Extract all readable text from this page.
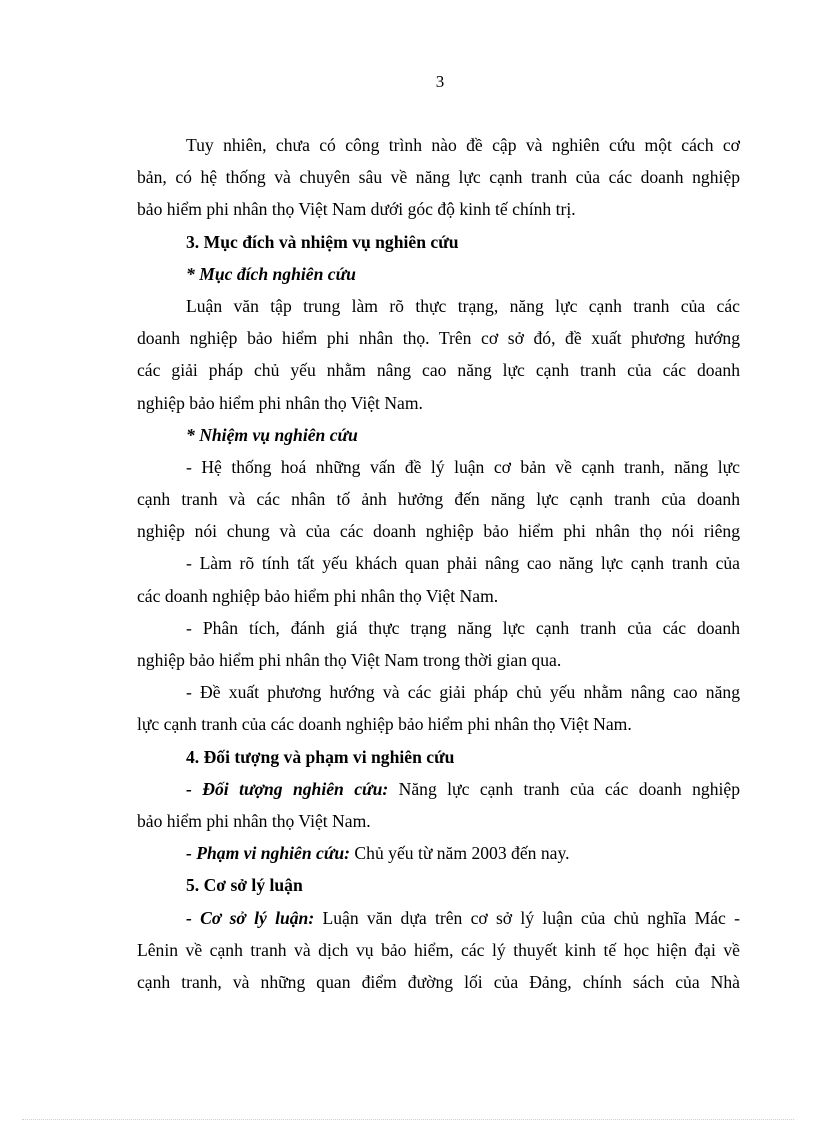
3
Tuy nhiên, chưa có công trình nào đề cập và nghiên cứu một cách cơ
bản, có hệ thống và chuyên sâu về năng lực cạnh tranh của các doanh nghiệp
bảo hiểm phi nhân thọ Việt Nam dưới góc độ kinh tế chính trị.
3. Mục đích và nhiệm vụ nghiên cứu
* Mục đích nghiên cứu
Luận văn tập trung làm rõ thực trạng, năng lực cạnh tranh của các
doanh nghiệp bảo hiểm phi nhân thọ. Trên cơ sở đó, đề xuất phương hướng
các giải pháp chủ yếu nhằm nâng cao năng lực cạnh tranh của các doanh
nghiệp bảo hiểm phi nhân thọ Việt Nam.
* Nhiệm vụ nghiên cứu
- Hệ thống hoá những vấn đề lý luận cơ bản về cạnh tranh, năng lực
cạnh tranh và các nhân tố ảnh hưởng đến năng lực cạnh tranh của doanh
nghiệp nói chung và của các doanh nghiệp bảo hiểm phi nhân thọ nói riêng
- Làm rõ tính tất yếu khách quan phải nâng cao năng lực cạnh tranh của
các doanh nghiệp bảo hiểm phi nhân thọ Việt Nam.
- Phân tích, đánh giá thực trạng năng lực cạnh tranh của các doanh
nghiệp bảo hiểm phi nhân thọ Việt Nam trong thời gian qua.
- Đề xuất phương hướng và các giải pháp chủ yếu nhằm nâng cao năng
lực cạnh tranh của các doanh nghiệp bảo hiểm phi nhân thọ Việt Nam.
4. Đối tượng và phạm vi nghiên cứu
- Đối tượng nghiên cứu: Năng lực cạnh tranh của các doanh nghiệp
bảo hiểm phi nhân thọ Việt Nam.
- Phạm vi nghiên cứu: Chủ yếu từ năm 2003 đến nay.
5. Cơ sở lý luận
- Cơ sở lý luận: Luận văn dựa trên cơ sở lý luận của chủ nghĩa Mác -
Lênin về cạnh tranh và dịch vụ bảo hiểm, các lý thuyết kinh tế học hiện đại về
cạnh tranh, và những quan điểm đường lối của Đảng, chính sách của Nhà
